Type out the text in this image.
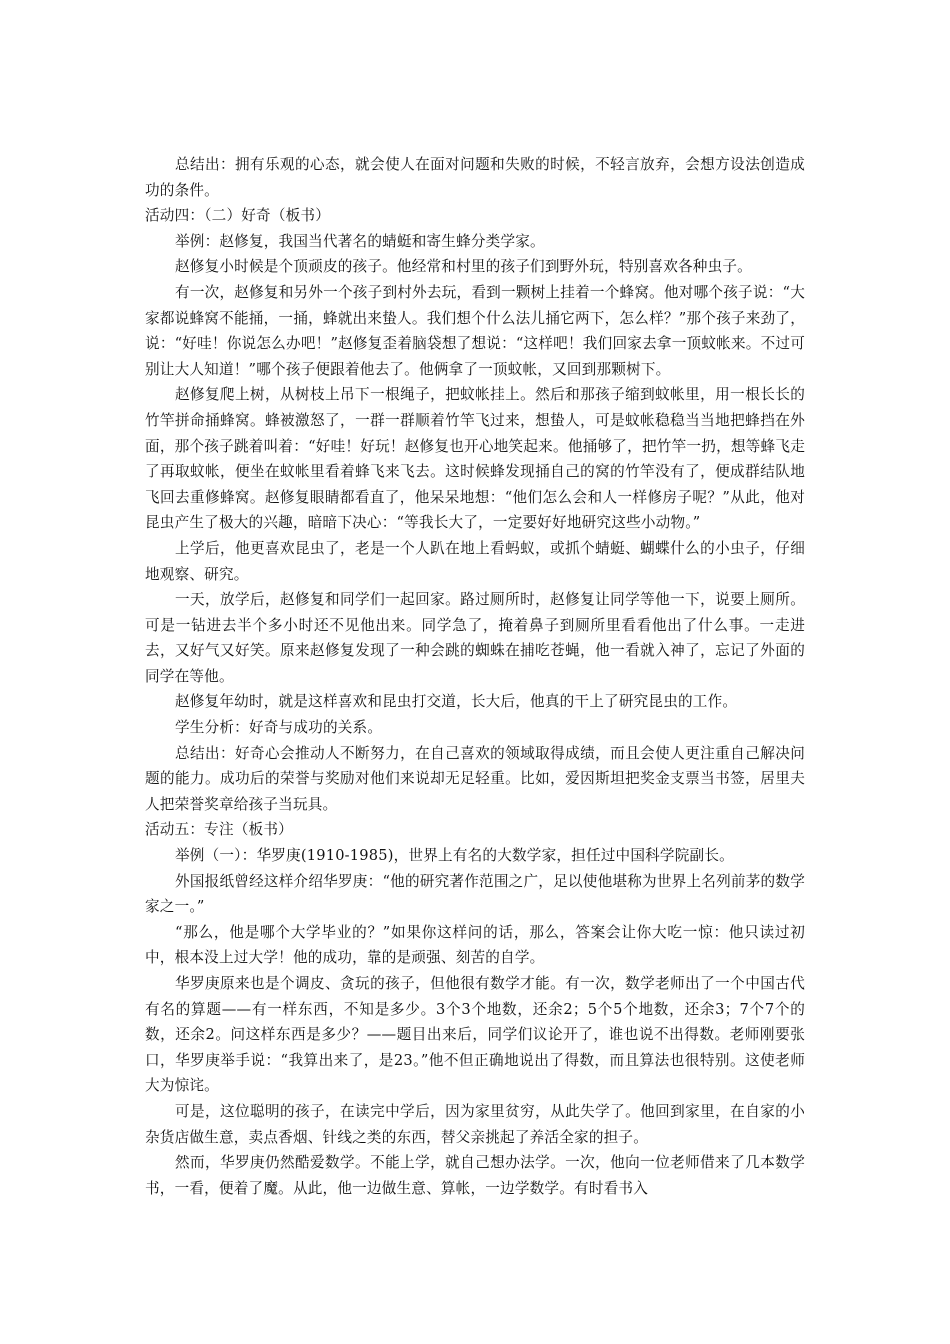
总结出：拥有乐观的心态，就会使人在面对问题和失败的时候，不轻言放弃，会想方设法创造成功的条件。

活动四：（二）好奇（板书）

举例：赵修复，我国当代著名的蜻蜓和寄生蜂分类学家。

赵修复小时候是个顶顽皮的孩子。他经常和村里的孩子们到野外玩，特别喜欢各种虫子。

有一次，赵修复和另外一个孩子到村外去玩，看到一颗树上挂着一个蜂窝。他对哪个孩子说：“大家都说蜂窝不能捅，一捅，蜂就出来蛰人。我们想个什么法儿捅它两下，怎么样？”那个孩子来劲了，说：“好哇！你说怎么办吧！”赵修复歪着脑袋想了想说：“这样吧！我们回家去拿一顶蚊帐来。不过可别让大人知道！”哪个孩子便跟着他去了。他俩拿了一顶蚊帐，又回到那颗树下。

赵修复爬上树，从树枝上吊下一根绳子，把蚊帐挂上。然后和那孩子缩到蚊帐里，用一根长长的竹竿拼命捅蜂窝。蜂被激怒了，一群一群顺着竹竿飞过来，想蛰人，可是蚊帐稳稳当当地把蜂挡在外面，那个孩子跳着叫着：“好哇！好玩！赵修复也开心地笑起来。他捅够了，把竹竿一扔，想等蜂飞走了再取蚊帐，便坐在蚊帐里看着蜂飞来飞去。这时候蜂发现捅自己的窝的竹竿没有了，便成群结队地飞回去重修蜂窝。赵修复眼睛都看直了，他呆呆地想：“他们怎么会和人一样修房子呢？”从此，他对昆虫产生了极大的兴趣，暗暗下决心：“等我长大了，一定要好好地研究这些小动物。”

上学后，他更喜欢昆虫了，老是一个人趴在地上看蚂蚁，或抓个蜻蜓、蝴蝶什么的小虫子，仔细地观察、研究。

一天，放学后，赵修复和同学们一起回家。路过厕所时，赵修复让同学等他一下，说要上厕所。可是一钻进去半个多小时还不见他出来。同学急了，掩着鼻子到厕所里看看他出了什么事。一走进去，又好气又好笑。原来赵修复发现了一种会跳的蜘蛛在捕吃苍蝇，他一看就入神了，忘记了外面的同学在等他。

赵修复年幼时，就是这样喜欢和昆虫打交道，长大后，他真的干上了研究昆虫的工作。

学生分析：好奇与成功的关系。

总结出：好奇心会推动人不断努力，在自己喜欢的领域取得成绩，而且会使人更注重自己解决问题的能力。成功后的荣誉与奖励对他们来说却无足轻重。比如，爱因斯坦把奖金支票当书签，居里夫人把荣誉奖章给孩子当玩具。

活动五：专注（板书）

举例（一）：华罗庚(1910-1985)，世界上有名的大数学家，担任过中国科学院副长。

外国报纸曾经这样介绍华罗庚：“他的研究著作范围之广，足以使他堪称为世界上名列前茅的数学家之一。”

“那么，他是哪个大学毕业的？”如果你这样问的话，那么，答案会让你大吃一惊：他只读过初中，根本没上过大学！他的成功，靠的是顽强、刻苦的自学。

华罗庚原来也是个调皮、贪玩的孩子，但他很有数学才能。有一次，数学老师出了一个中国古代有名的算题——有一样东西，不知是多少。3个3个地数，还余2；5个5个地数，还余3；7个7个的数，还余2。问这样东西是多少？——题目出来后，同学们议论开了，谁也说不出得数。老师刚要张口，华罗庚举手说：“我算出来了，是23。”他不但正确地说出了得数，而且算法也很特别。这使老师大为惊诧。

可是，这位聪明的孩子，在读完中学后，因为家里贫穷，从此失学了。他回到家里，在自家的小杂货店做生意，卖点香烟、针线之类的东西，替父亲挑起了养活全家的担子。

然而，华罗庚仍然酷爱数学。不能上学，就自己想办法学。一次，他向一位老师借来了几本数学书，一看，便着了魔。从此，他一边做生意、算帐，一边学数学。有时看书入
